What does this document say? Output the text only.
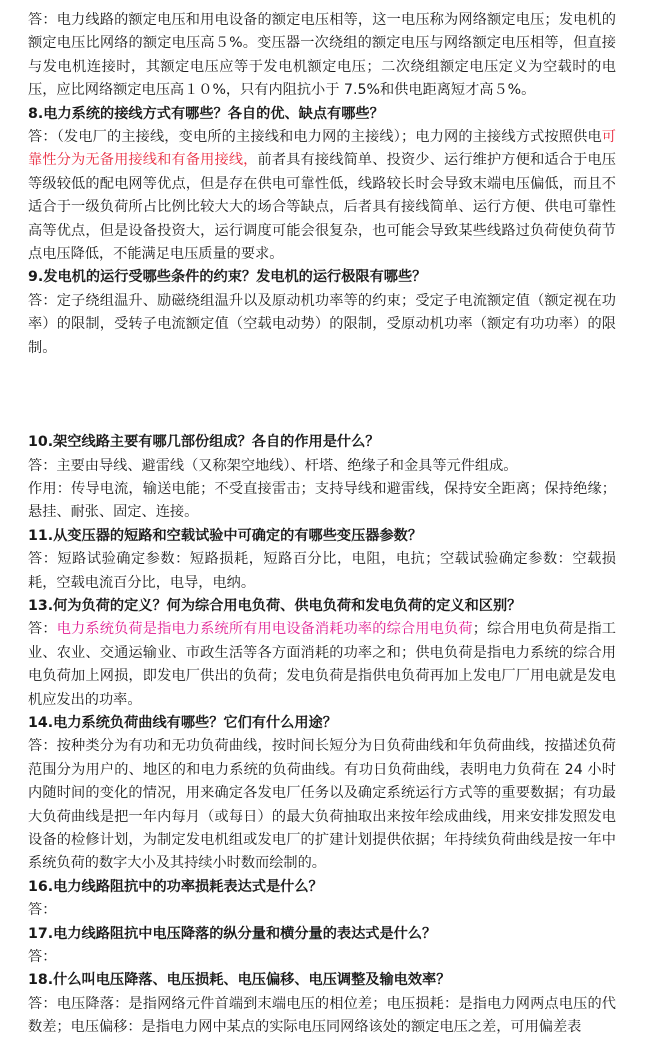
答：电力线路的额定电压和用电设备的额定电压相等，这一电压称为网络额定电压；发电机的额定电压比网络的额定电压高５%。变压器一次绕组的额定电压与网络额定电压相等，但直接与发电机连接时，其额定电压应等于发电机额定电压；二次绕组额定电压定义为空载时的电压，应比网络额定电压高１０%，只有内阻抗小于 7.5%和供电距离短才高５%。

8.电力系统的接线方式有哪些？各自的优、缺点有哪些？

答：（发电厂的主接线，变电所的主接线和电力网的主接线）；电力网的主接线方式按照供电可靠性分为无备用接线和有备用接线，前者具有接线简单、投资少、运行维护方便和适合于电压等级较低的配电网等优点，但是存在供电可靠性低，线路较长时会导致末端电压偏低，而且不适合于一级负荷所占比例比较大大的场合等缺点，后者具有接线简单、运行方便、供电可靠性高等优点，但是设备投资大，运行调度可能会很复杂，也可能会导致某些线路过负荷使负荷节点电压降低，不能满足电压质量的要求。

9.发电机的运行受哪些条件的约束？发电机的运行极限有哪些？

答：定子绕组温升、励磁绕组温升以及原动机功率等的约束；受定子电流额定值（额定视在功率）的限制，受转子电流额定值（空载电动势）的限制，受原动机功率（额定有功功率）的限制。

10.架空线路主要有哪几部份组成？各自的作用是什么？

答：主要由导线、避雷线（又称架空地线）、杆塔、绝缘子和金具等元件组成。

作用：传导电流，输送电能；不受直接雷击；支持导线和避雷线，保持安全距离；保持绝缘；悬挂、耐张、固定、连接。

11.从变压器的短路和空载试验中可确定的有哪些变压器参数？

答：短路试验确定参数：短路损耗，短路百分比，电阻，电抗；空载试验确定参数：空载损耗，空载电流百分比，电导，电纳。

13.何为负荷的定义？何为综合用电负荷、供电负荷和发电负荷的定义和区别？

答：电力系统负荷是指电力系统所有用电设备消耗功率的综合用电负荷；综合用电负荷是指工业、农业、交通运输业、市政生活等各方面消耗的功率之和；供电负荷是指电力系统的综合用电负荷加上网损，即发电厂供出的负荷；发电负荷是指供电负荷再加上发电厂厂用电就是发电机应发出的功率。

14.电力系统负荷曲线有哪些？它们有什么用途？

答：按种类分为有功和无功负荷曲线，按时间长短分为日负荷曲线和年负荷曲线，按描述负荷范围分为用户的、地区的和电力系统的负荷曲线。有功日负荷曲线，表明电力负荷在 24 小时内随时间的变化的情况，用来确定各发电厂任务以及确定系统运行方式等的重要数据；有功最大负荷曲线是把一年内每月（或每日）的最大负荷抽取出来按年绘成曲线，用来安排发照发电设备的检修计划，为制定发电机组或发电厂的扩建计划提供依据；年持续负荷曲线是按一年中系统负荷的数字大小及其持续小时数而绘制的。

16.电力线路阻抗中的功率损耗表达式是什么？

答：

17.电力线路阻抗中电压降落的纵分量和横分量的表达式是什么？

答：

18.什么叫电压降落、电压损耗、电压偏移、电压调整及输电效率？

答：电压降落：是指网络元件首端到末端电压的相位差；电压损耗：是指电力网两点电压的代数差；电压偏移：是指电力网中某点的实际电压同网络该处的额定电压之差，可用偏差表
